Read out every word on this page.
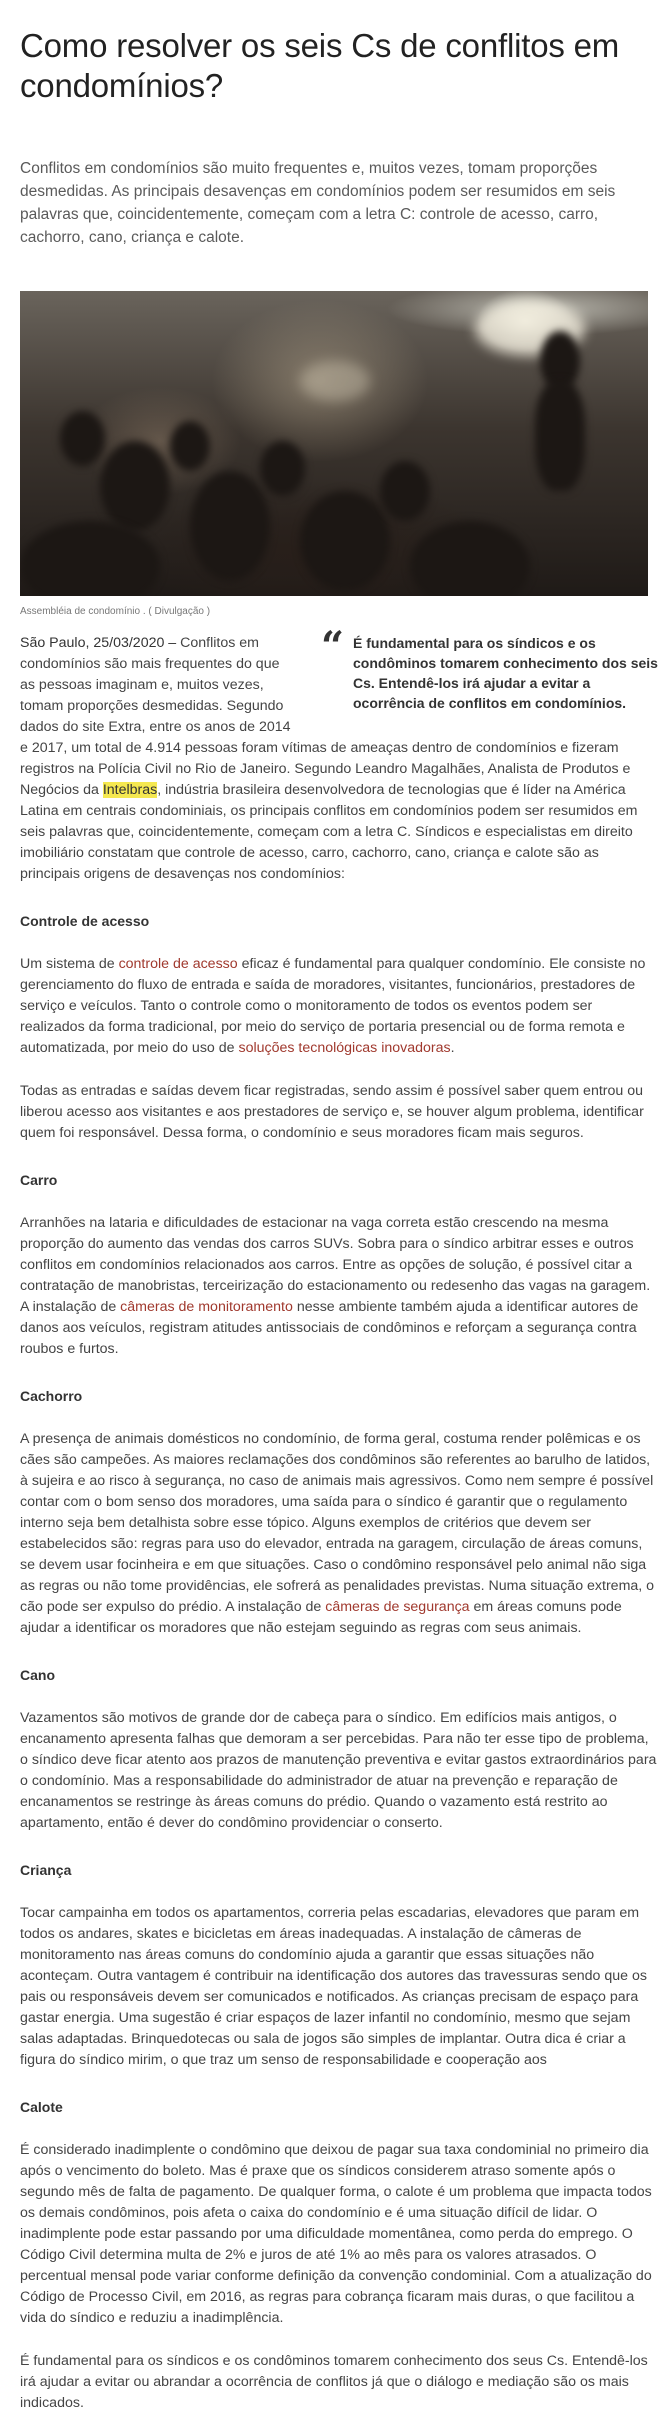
Como resolver os seis Cs de conflitos em condomínios?

Conflitos em condomínios são muito frequentes e, muitos vezes, tomam proporções desmedidas. As principais desavenças em condomínios podem ser resumidos em seis palavras que, coincidentemente, começam com a letra C: controle de acesso, carro, cachorro, cano, criança e calote.

Assembléia de condomínio . ( Divulgação )
“ É fundamental para os síndicos e os condôminos tomarem conhecimento dos seis Cs. Entendê-los irá ajudar a evitar a ocorrência de conflitos em condomínios.

São Paulo, 25/03/2020 – Conflitos em condomínios são mais frequentes do que as pessoas imaginam e, muitos vezes, tomam proporções desmedidas. Segundo dados do site Extra, entre os anos de 2014 e 2017, um total de 4.914 pessoas foram vítimas de ameaças dentro de condomínios e fizeram registros na Polícia Civil no Rio de Janeiro. Segundo Leandro Magalhães, Analista de Produtos e Negócios da Intelbras, indústria brasileira desenvolvedora de tecnologias que é líder na América Latina em centrais condominiais, os principais conflitos em condomínios podem ser resumidos em seis palavras que, coincidentemente, começam com a letra C. Síndicos e especialistas em direito imobiliário constatam que controle de acesso, carro, cachorro, cano, criança e calote são as principais origens de desavenças nos condomínios:

Controle de acesso

Um sistema de controle de acesso eficaz é fundamental para qualquer condomínio. Ele consiste no gerenciamento do fluxo de entrada e saída de moradores, visitantes, funcionários, prestadores de serviço e veículos. Tanto o controle como o monitoramento de todos os eventos podem ser realizados da forma tradicional, por meio do serviço de portaria presencial ou de forma remota e automatizada, por meio do uso de soluções tecnológicas inovadoras.

Todas as entradas e saídas devem ficar registradas, sendo assim é possível saber quem entrou ou liberou acesso aos visitantes e aos prestadores de serviço e, se houver algum problema, identificar quem foi responsável. Dessa forma, o condomínio e seus moradores ficam mais seguros.

Carro

Arranhões na lataria e dificuldades de estacionar na vaga correta estão crescendo na mesma proporção do aumento das vendas dos carros SUVs. Sobra para o síndico arbitrar esses e outros conflitos em condomínios relacionados aos carros. Entre as opções de solução, é possível citar a contratação de manobristas, terceirização do estacionamento ou redesenho das vagas na garagem. A instalação de câmeras de monitoramento nesse ambiente também ajuda a identificar autores de danos aos veículos, registram atitudes antissociais de condôminos e reforçam a segurança contra roubos e furtos.

Cachorro

A presença de animais domésticos no condomínio, de forma geral, costuma render polêmicas e os cães são campeões. As maiores reclamações dos condôminos são referentes ao barulho de latidos, à sujeira e ao risco à segurança, no caso de animais mais agressivos. Como nem sempre é possível contar com o bom senso dos moradores, uma saída para o síndico é garantir que o regulamento interno seja bem detalhista sobre esse tópico. Alguns exemplos de critérios que devem ser estabelecidos são: regras para uso do elevador, entrada na garagem, circulação de áreas comuns, se devem usar focinheira e em que situações. Caso o condômino responsável pelo animal não siga as regras ou não tome providências, ele sofrerá as penalidades previstas. Numa situação extrema, o cão pode ser expulso do prédio. A instalação de câmeras de segurança em áreas comuns pode ajudar a identificar os moradores que não estejam seguindo as regras com seus animais.

Cano

Vazamentos são motivos de grande dor de cabeça para o síndico. Em edifícios mais antigos, o encanamento apresenta falhas que demoram a ser percebidas. Para não ter esse tipo de problema, o síndico deve ficar atento aos prazos de manutenção preventiva e evitar gastos extraordinários para o condomínio. Mas a responsabilidade do administrador de atuar na prevenção e reparação de encanamentos se restringe às áreas comuns do prédio. Quando o vazamento está restrito ao apartamento, então é dever do condômino providenciar o conserto.

Criança

Tocar campainha em todos os apartamentos, correria pelas escadarias, elevadores que param em todos os andares, skates e bicicletas em áreas inadequadas. A instalação de câmeras de monitoramento nas áreas comuns do condomínio ajuda a garantir que essas situações não aconteçam. Outra vantagem é contribuir na identificação dos autores das travessuras sendo que os pais ou responsáveis devem ser comunicados e notificados. As crianças precisam de espaço para gastar energia. Uma sugestão é criar espaços de lazer infantil no condomínio, mesmo que sejam salas adaptadas. Brinquedotecas ou sala de jogos são simples de implantar. Outra dica é criar a figura do síndico mirim, o que traz um senso de responsabilidade e cooperação aos

Calote

É considerado inadimplente o condômino que deixou de pagar sua taxa condominial no primeiro dia após o vencimento do boleto. Mas é praxe que os síndicos considerem atraso somente após o segundo mês de falta de pagamento. De qualquer forma, o calote é um problema que impacta todos os demais condôminos, pois afeta o caixa do condomínio e é uma situação difícil de lidar. O inadimplente pode estar passando por uma dificuldade momentânea, como perda do emprego. O Código Civil determina multa de 2% e juros de até 1% ao mês para os valores atrasados. O percentual mensal pode variar conforme definição da convenção condominial. Com a atualização do Código de Processo Civil, em 2016, as regras para cobrança ficaram mais duras, o que facilitou a vida do síndico e reduziu a inadimplência.

É fundamental para os síndicos e os condôminos tomarem conhecimento dos seus Cs. Entendê-los irá ajudar a evitar ou abrandar a ocorrência de conflitos já que o diálogo e mediação são os mais indicados.
